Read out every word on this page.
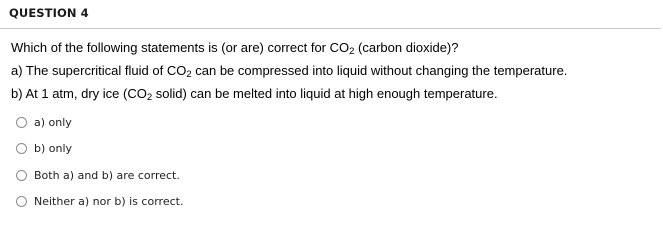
QUESTION 4
Which of the following statements is (or are) correct for $CO_2$ (carbon dioxide)?
a) The supercritical fluid of $CO_2$ can be compressed into liquid without changing the temperature.
b) At 1 atm, dry ice ($CO_2$ solid) can be melted into liquid at high enough temperature.
a) only
b) only
Both a) and b) are correct.
Neither a) nor b) is correct.
